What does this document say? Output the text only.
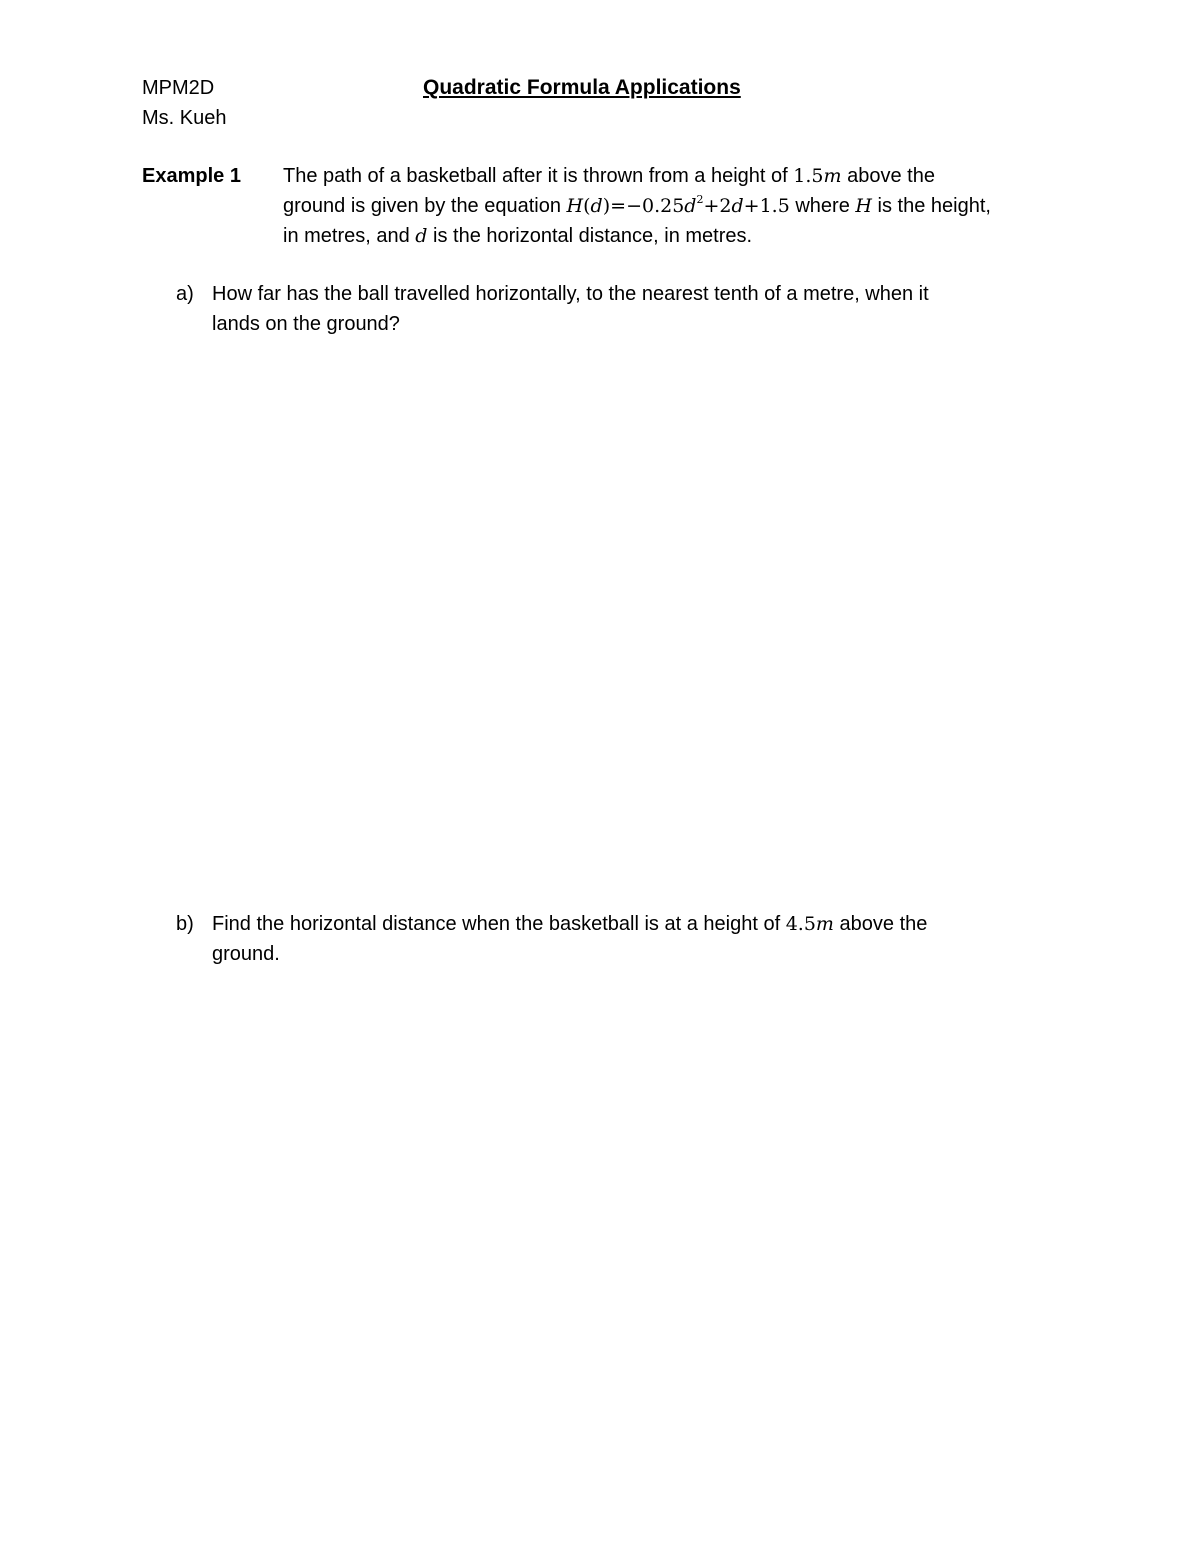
MPM2D
Ms. Kueh
Quadratic Formula Applications
Example 1 The path of a basketball after it is thrown from a height of 1.5m above the
ground is given by the equation $H(d)=-0.25d^2+2d+1.5$ where H is the height,
in metres, and d is the horizontal distance, in metres.
a) How far has the ball travelled horizontally, to the nearest tenth of a metre, when it
lands on the ground?
b) Find the horizontal distance when the basketball is at a height of 4.5m above the
ground.
